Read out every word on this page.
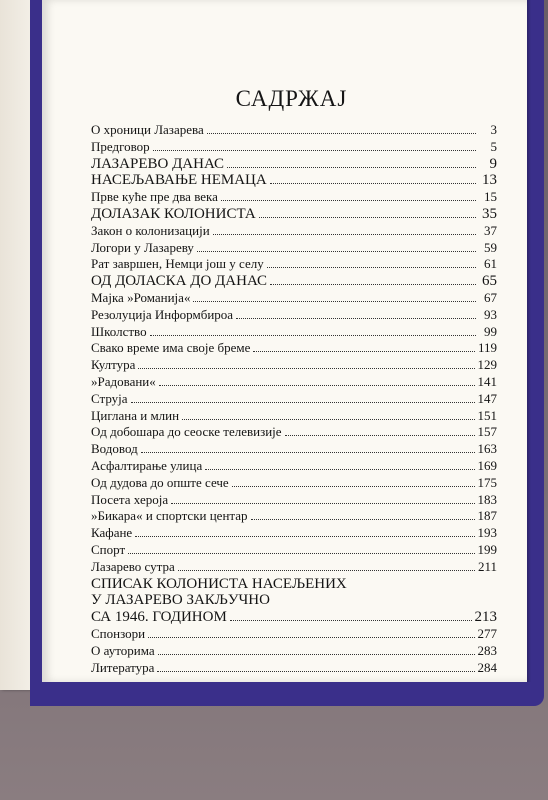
САДРЖАЈ
О хроници Лазарева	3
Предговор	5
ЛАЗАРЕВО ДАНАС	9
НАСЕЉАВАЊЕ НЕМАЦА	13
Прве куће пре два века	15
ДОЛАЗАК КОЛОНИСТА	35
Закон о колонизацији	37
Логори у Лазареву	59
Рат завршен, Немци још у селу	61
ОД ДОЛАСКА ДО ДАНАС	65
Мајка »Романија«	67
Резолуција Информбироа	93
Школство	99
Свако време има своје бреме	119
Култура	129
»Радовани«	141
Струја	147
Циглана и млин	151
Од добошара до сеоске телевизије	157
Водовод	163
Асфалтирање улица	169
Од дудова до опште сече	175
Посета хероја	183
»Бикара« и спортски центар	187
Кафане	193
Спорт	199
Лазарево сутра	211
СПИСАК КОЛОНИСТА НАСЕЉЕНИХ
У ЛАЗАРЕВО ЗАКЉУЧНО
СА 1946. ГОДИНОМ	213
Спонзори	277
О ауторима	283
Литература	284
